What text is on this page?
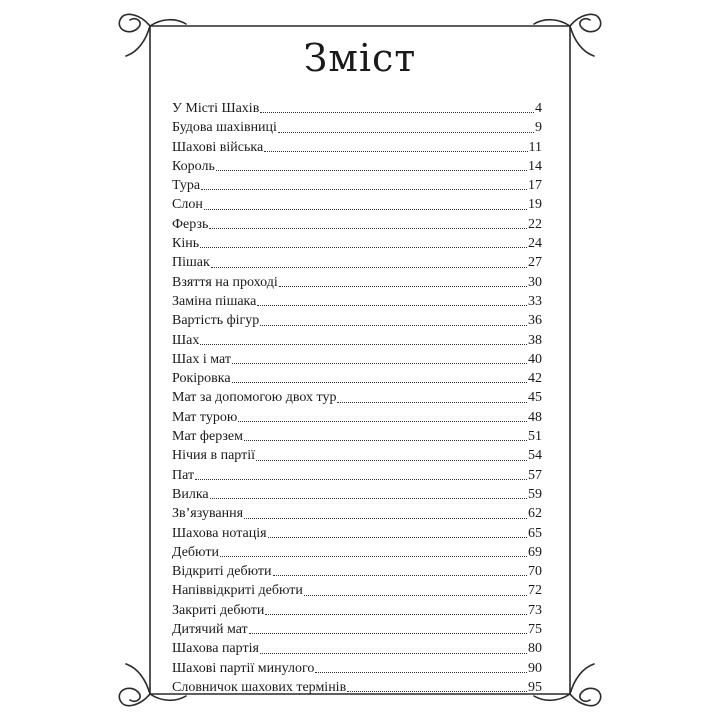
Зміст
У Місті Шахів	4
Будова шахівниці	9
Шахові війська	11
Король	14
Тура	17
Слон	19
Ферзь	22
Кінь	24
Пішак	27
Взяття на проході	30
Заміна пішака	33
Вартість фігур	36
Шах	38
Шах і мат	40
Рокіровка	42
Мат за допомогою двох тур	45
Мат турою	48
Мат ферзем	51
Нічия в партії	54
Пат	57
Вилка	59
Зв’язування	62
Шахова нотація	65
Дебюти	69
Відкриті дебюти	70
Напіввідкриті дебюти	72
Закриті дебюти	73
Дитячий мат	75
Шахова партія	80
Шахові партії минулого	90
Словничок шахових термінів	95
